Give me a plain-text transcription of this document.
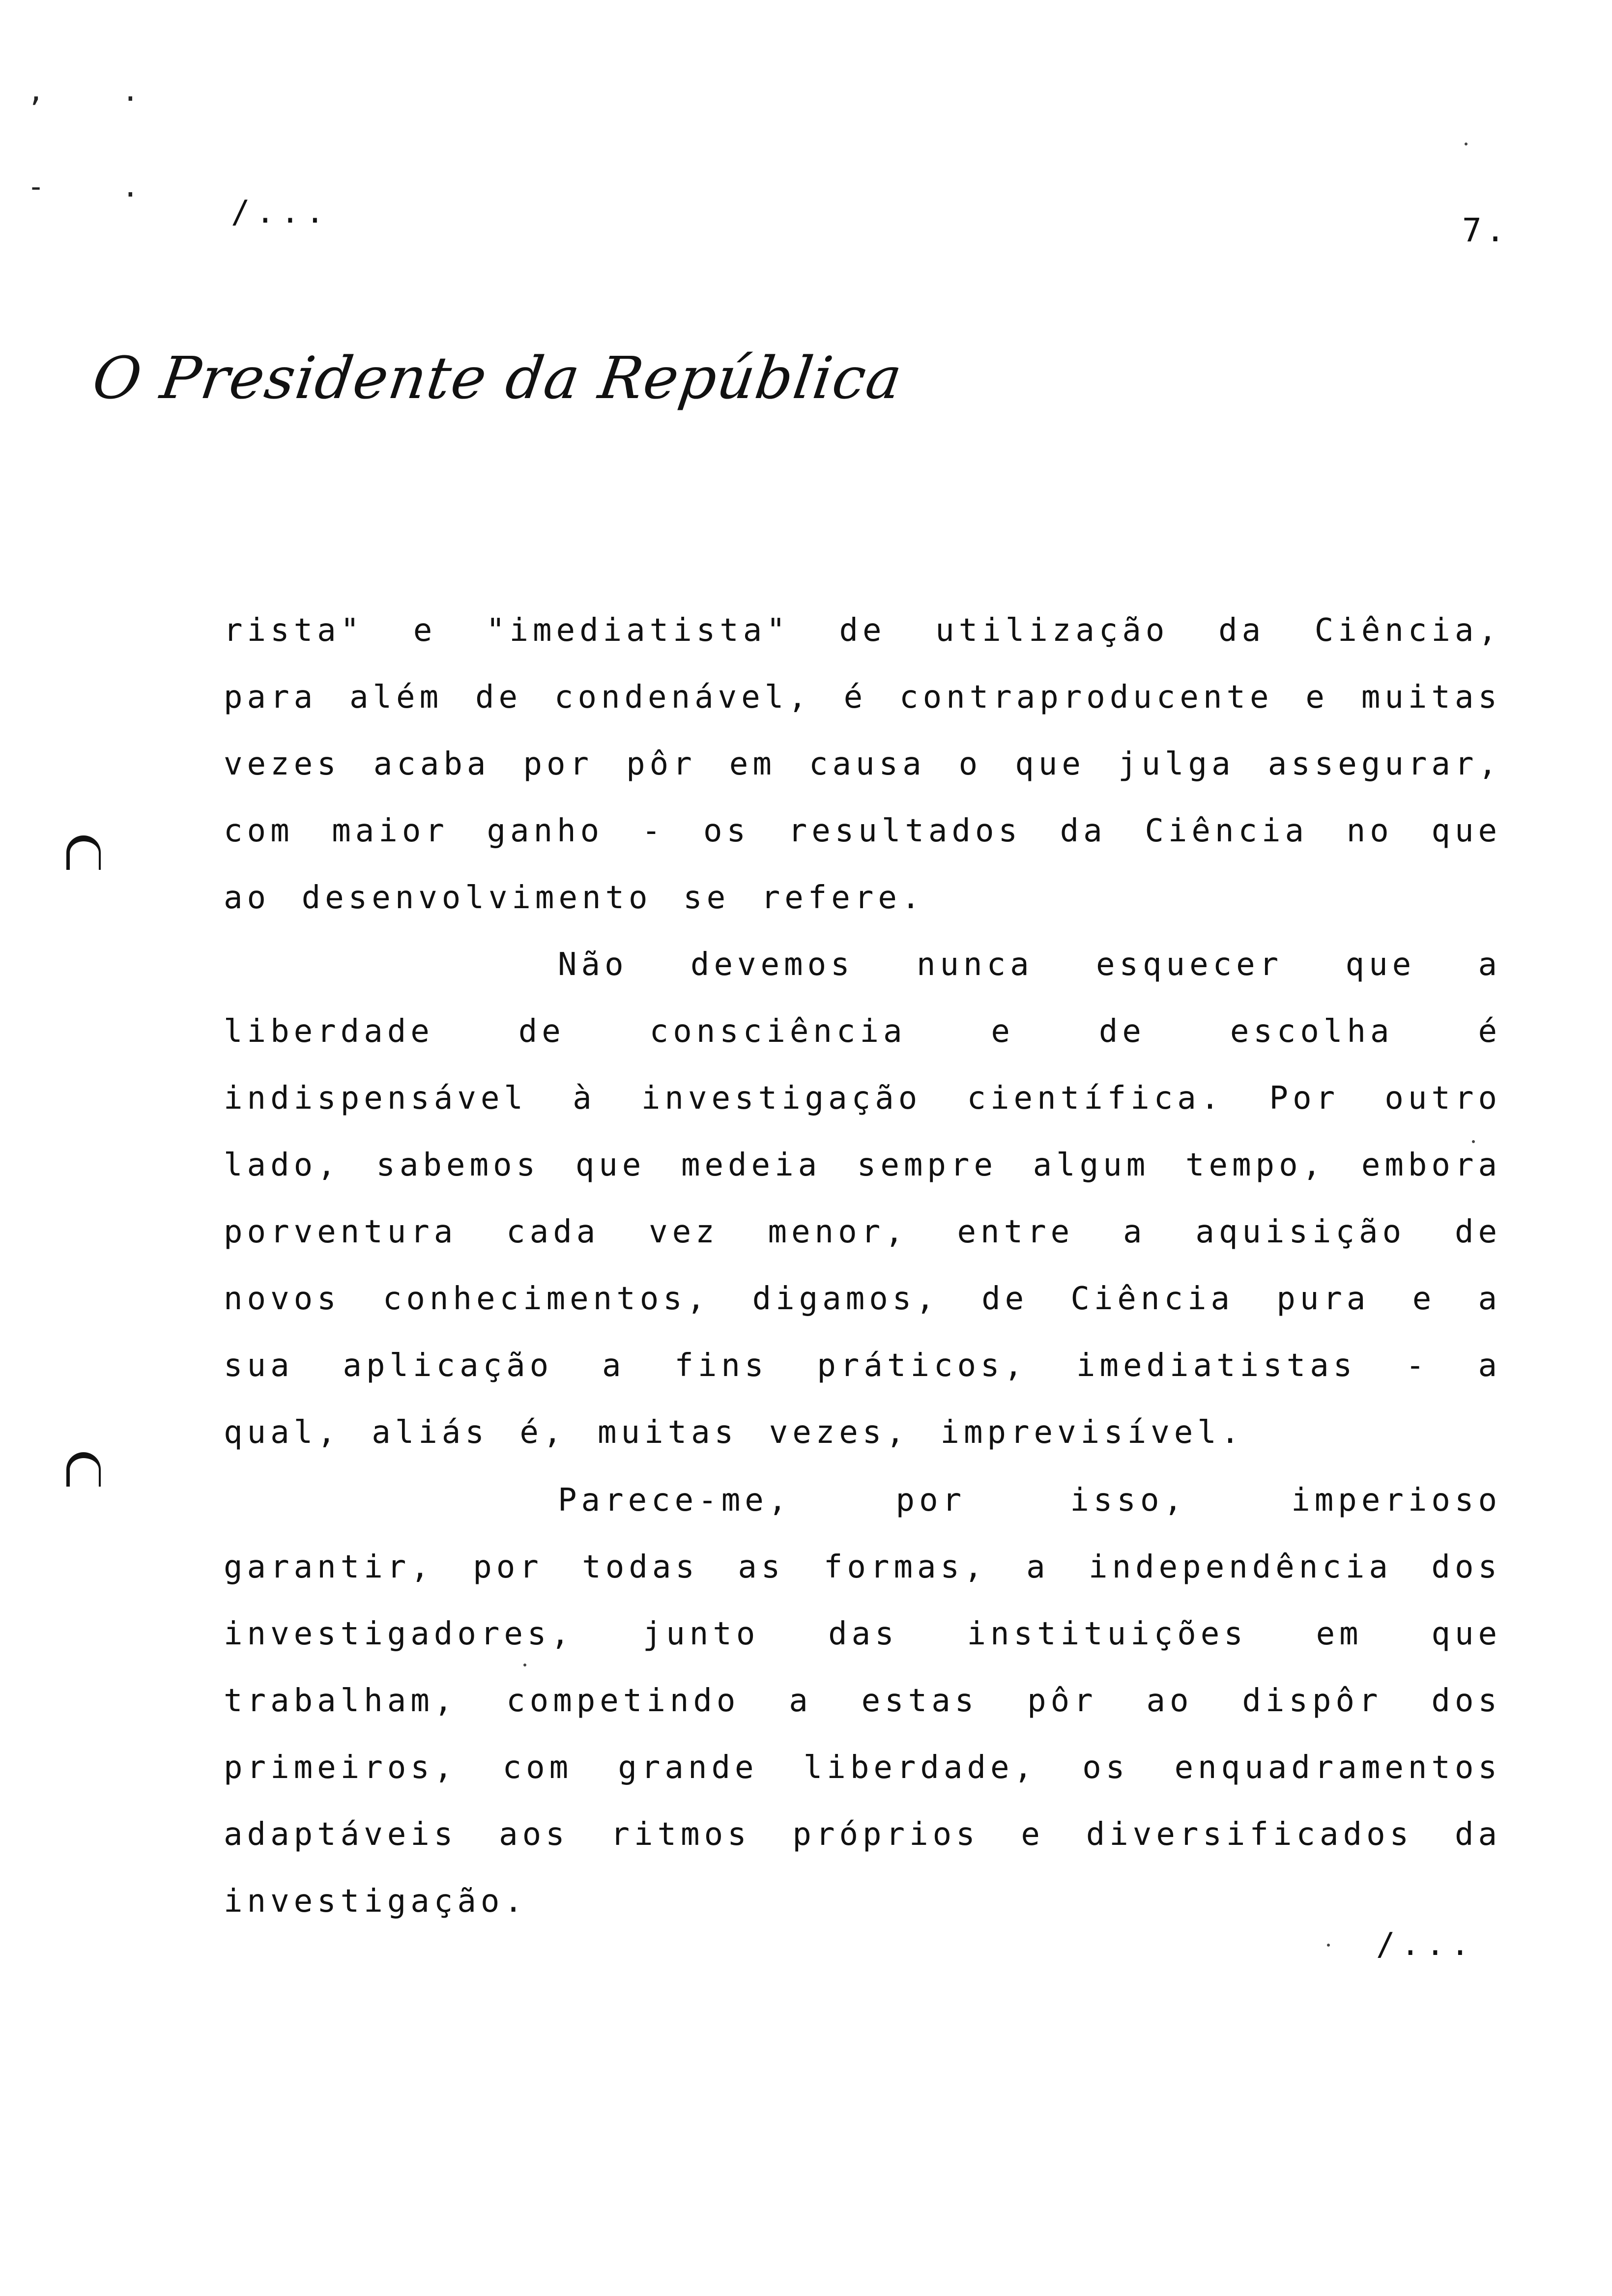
, .
- .
/...	7.
O Presidente da República
rista" e "imediatista" de utilização da Ciência, para além de condenável, é contraproducente e muitas vezes acaba por pôr em causa o que julga assegurar, com maior ganho - os resultados da Ciência no que ao desenvolvimento se refere.
Não devemos nunca esquecer que a liberdade de consciência e de escolha é indispensável à investigação científica. Por outro lado, sabemos que medeia sempre algum tempo, embora porventura cada vez menor, entre a aquisição de novos conhecimentos, digamos, de Ciência pura e a sua aplicação a fins práticos, imediatistas - a qual, aliás é, muitas vezes, imprevisível.
Parece-me, por isso, imperioso garantir, por todas as formas, a independência dos investigadores, junto das instituições em que trabalham, competindo a estas pôr ao dispôr dos primeiros, com grande liberdade, os enquadramentos adaptáveis aos ritmos próprios e diversificados da investigação.
/...
